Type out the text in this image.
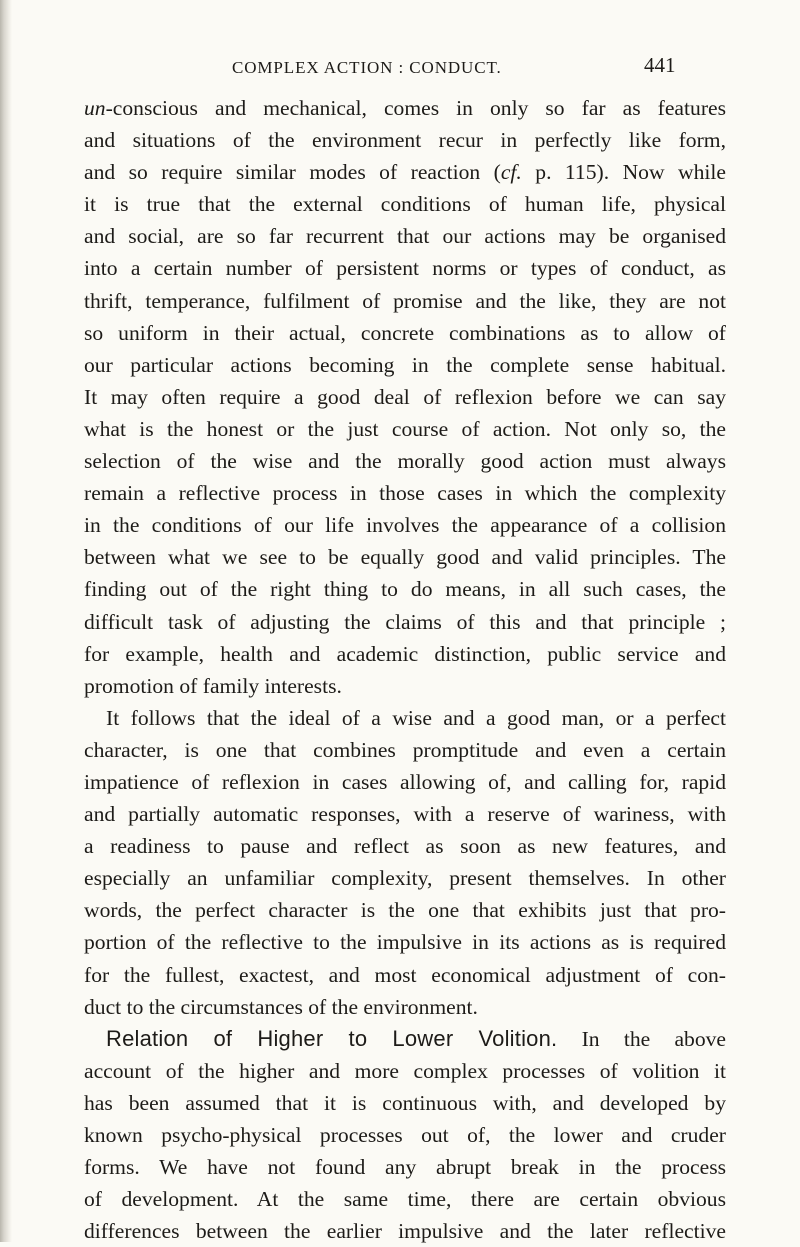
COMPLEX ACTION : CONDUCT.	441
un-conscious and mechanical, comes in only so far as features
and situations of the environment recur in perfectly like form,
and so require similar modes of reaction (cf. p. 115). Now while
it is true that the external conditions of human life, physical
and social, are so far recurrent that our actions may be organised
into a certain number of persistent norms or types of conduct, as
thrift, temperance, fulfilment of promise and the like, they are not
so uniform in their actual, concrete combinations as to allow of
our particular actions becoming in the complete sense habitual.
It may often require a good deal of reflexion before we can say
what is the honest or the just course of action. Not only so, the
selection of the wise and the morally good action must always
remain a reflective process in those cases in which the complexity
in the conditions of our life involves the appearance of a collision
between what we see to be equally good and valid principles. The
finding out of the right thing to do means, in all such cases, the
difficult task of adjusting the claims of this and that principle ;
for example, health and academic distinction, public service and
promotion of family interests.
It follows that the ideal of a wise and a good man, or a perfect
character, is one that combines promptitude and even a certain
impatience of reflexion in cases allowing of, and calling for, rapid
and partially automatic responses, with a reserve of wariness, with
a readiness to pause and reflect as soon as new features, and
especially an unfamiliar complexity, present themselves. In other
words, the perfect character is the one that exhibits just that pro-
portion of the reflective to the impulsive in its actions as is required
for the fullest, exactest, and most economical adjustment of con-
duct to the circumstances of the environment.
Relation of Higher to Lower Volition. In the above
account of the higher and more complex processes of volition it
has been assumed that it is continuous with, and developed by
known psycho-physical processes out of, the lower and cruder
forms. We have not found any abrupt break in the process
of development. At the same time, there are certain obvious
differences between the earlier impulsive and the later reflective
